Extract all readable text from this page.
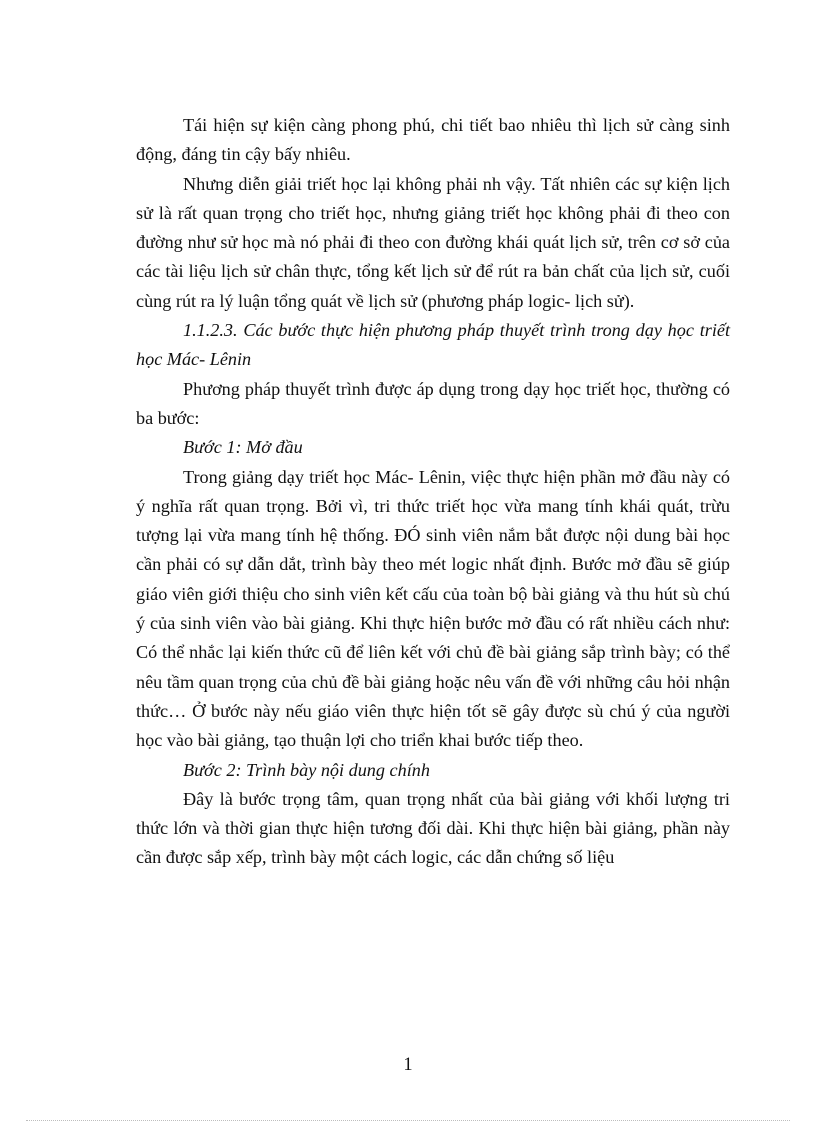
Tái hiện sự kiện càng phong phú, chi tiết bao nhiêu thì lịch sử càng sinh động, đáng tin cậy bấy nhiêu.

Nhưng diễn giải triết học lại không phải nh vậy. Tất nhiên các sự kiện lịch sử là rất quan trọng cho triết học, nhưng giảng triết học không phải đi theo con đường như sử học mà nó phải đi theo con đường khái quát lịch sử, trên cơ sở của các tài liệu lịch sử chân thực, tổng kết lịch sử để rút ra bản chất của lịch sử, cuối cùng rút ra lý luận tổng quát về lịch sử (phương pháp logic- lịch sử).

1.1.2.3. Các bước thực hiện phương pháp thuyết trình trong dạy học triết học Mác- Lênin

Phương pháp thuyết trình được áp dụng trong dạy học triết học, thường có ba bước:

Bước 1: Mở đầu

Trong giảng dạy triết học Mác- Lênin, việc thực hiện phần mở đầu này có ý nghĩa rất quan trọng. Bởi vì, tri thức triết học vừa mang tính khái quát, trừu tượng lại vừa mang tính hệ thống. ĐÓ sinh viên nắm bắt được nội dung bài học cần phải có sự dẫn dắt, trình bày theo mét logic nhất định. Bước mở đầu sẽ giúp giáo viên giới thiệu cho sinh viên kết cấu của toàn bộ bài giảng và thu hút sù chú ý của sinh viên vào bài giảng. Khi thực hiện bước mở đầu có rất nhiều cách như: Có thể nhắc lại kiến thức cũ để liên kết với chủ đề bài giảng sắp trình bày; có thể nêu tầm quan trọng của chủ đề bài giảng hoặc nêu vấn đề với những câu hỏi nhận thức… Ở bước này nếu giáo viên thực hiện tốt sẽ gây được sù chú ý của người học vào bài giảng, tạo thuận lợi cho triển khai bước tiếp theo.

Bước 2: Trình bày nội dung chính

Đây là bước trọng tâm, quan trọng nhất của bài giảng với khối lượng tri thức lớn và thời gian thực hiện tương đối dài. Khi thực hiện bài giảng, phần này cần được sắp xếp, trình bày một cách logic, các dẫn chứng số liệu

1
